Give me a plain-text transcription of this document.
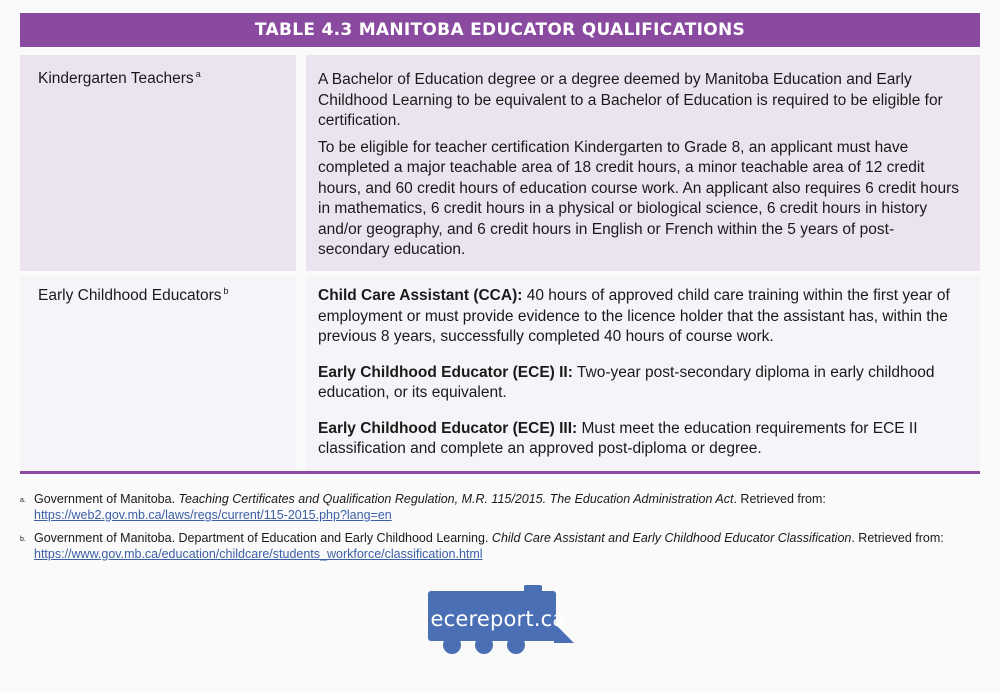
TABLE 4.3 MANITOBA EDUCATOR QUALIFICATIONS
Kindergarten Teachers $^a$	A Bachelor of Education degree or a degree deemed by Manitoba Education and Early Childhood Learning to be equivalent to a Bachelor of Education is required to be eligible for certification.

To be eligible for teacher certification Kindergarten to Grade 8, an applicant must have completed a major teachable area of 18 credit hours, a minor teachable area of 12 credit hours, and 60 credit hours of education course work. An applicant also requires 6 credit hours in mathematics, 6 credit hours in a physical or biological science, 6 credit hours in history and/or geography, and 6 credit hours in English or French within the 5 years of post-secondary education.

Early Childhood Educators $^b$	Child Care Assistant (CCA): 40 hours of approved child care training within the first year of employment or must provide evidence to the licence holder that the assistant has, within the previous 8 years, successfully completed 40 hours of course work.

Early Childhood Educator (ECE) II: Two-year post-secondary diploma in early childhood education, or its equivalent.

Early Childhood Educator (ECE) III: Must meet the education requirements for ECE II classification and complete an approved post-diploma or degree.

a. Government of Manitoba. Teaching Certificates and Qualification Regulation, M.R. 115/2015. The Education Administration Act. Retrieved from: https://web2.gov.mb.ca/laws/regs/current/115-2015.php?lang=en
b. Government of Manitoba. Department of Education and Early Childhood Learning. Child Care Assistant and Early Childhood Educator Classification. Retrieved from: https://www.gov.mb.ca/education/childcare/students_workforce/classification.html
ecereport.ca
